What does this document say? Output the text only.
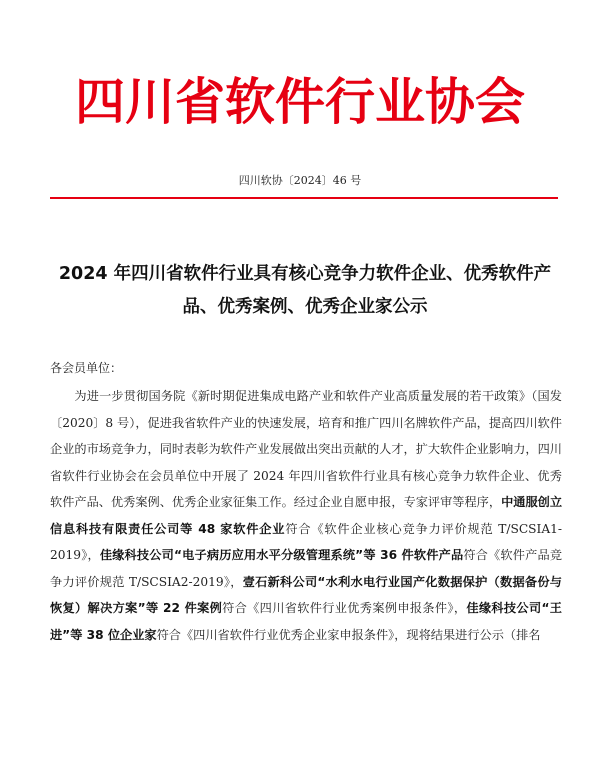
四川省软件行业协会
四川软协〔2024〕46 号
2024 年四川省软件行业具有核心竞争力软件企业、优秀软件产品、优秀案例、优秀企业家公示
各会员单位：

为进一步贯彻国务院《新时期促进集成电路产业和软件产业高质量发展的若干政策》（国发〔2020〕8 号），促进我省软件产业的快速发展，培育和推广四川名牌软件产品，提高四川软件企业的市场竞争力，同时表彰为软件产业发展做出突出贡献的人才，扩大软件企业影响力，四川省软件行业协会在会员单位中开展了 2024 年四川省软件行业具有核心竞争力软件企业、优秀软件产品、优秀案例、优秀企业家征集工作。经过企业自愿申报，专家评审等程序，中通服创立信息科技有限责任公司等 48 家软件企业符合《软件企业核心竞争力评价规范 T/SCSIA1-2019》，佳缘科技公司“电子病历应用水平分级管理系统”等 36 件软件产品符合《软件产品竞争力评价规范 T/SCSIA2-2019》，壹石新科公司“水利水电行业国产化数据保护（数据备份与恢复）解决方案”等 22 件案例符合《四川省软件行业优秀案例申报条件》，佳缘科技公司“王进”等 38 位企业家符合《四川省软件行业优秀企业家申报条件》，现将结果进行公示（排名
